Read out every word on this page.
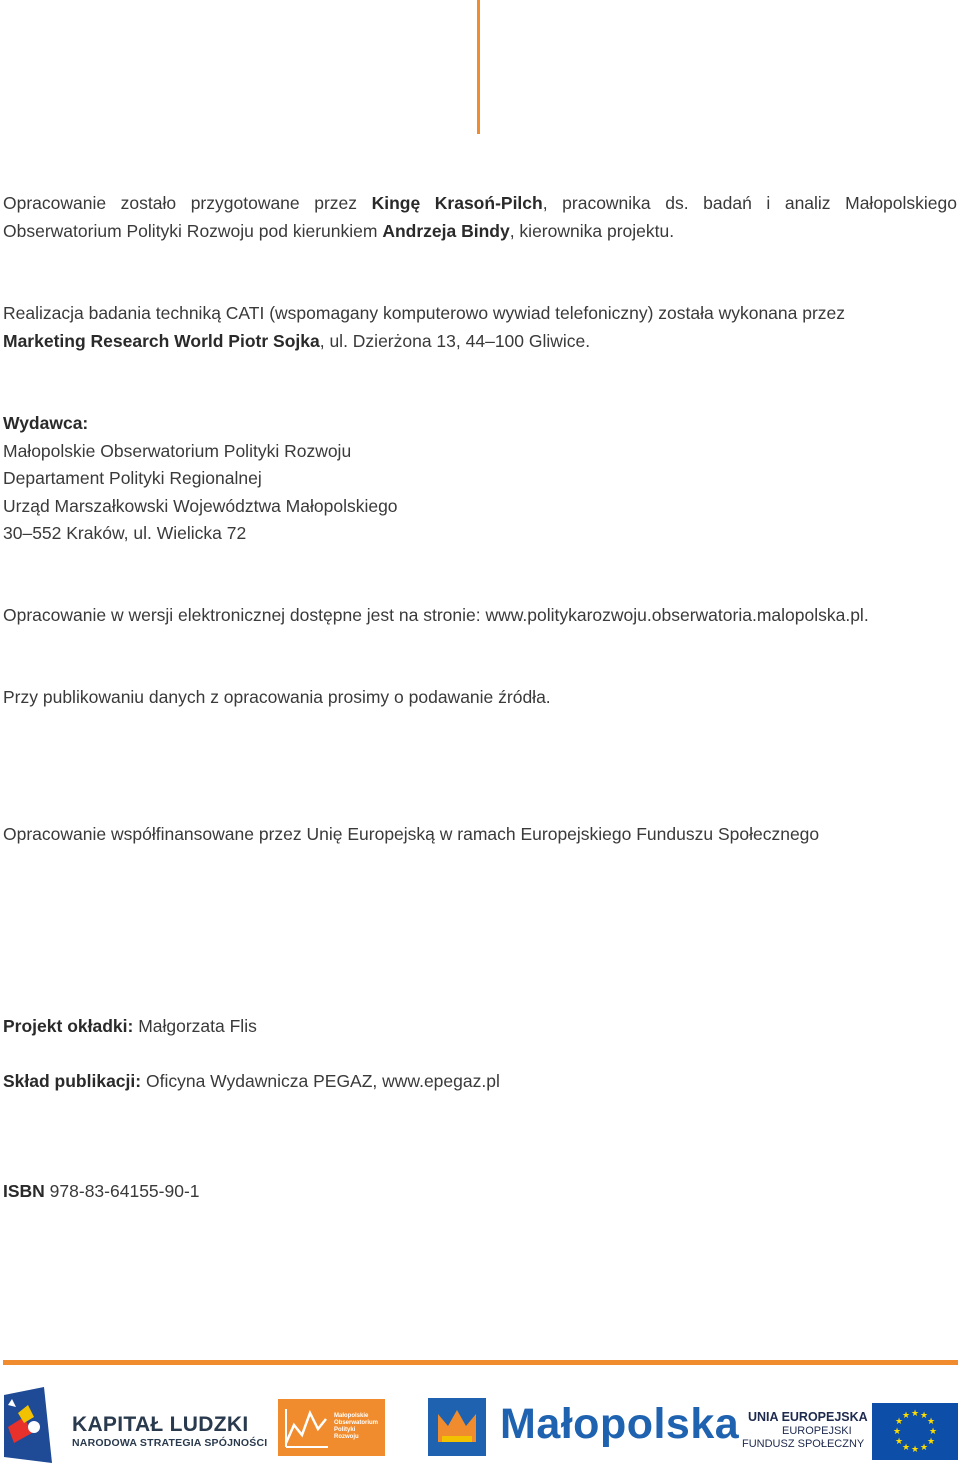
Opracowanie zostało przygotowane przez Kingę Krasoń-Pilch, pracownika ds. badań i analiz Małopolskiego
Obserwatorium Polityki Rozwoju pod kierunkiem Andrzeja Bindy, kierownika projektu.
Realizacja badania techniką CATI (wspomagany komputerowo wywiad telefoniczny) została wykonana przez
Marketing Research World Piotr Sojka, ul. Dzierżona 13, 44–100 Gliwice.
Wydawca:
Małopolskie Obserwatorium Polityki Rozwoju
Departament Polityki Regionalnej
Urząd Marszałkowski Województwa Małopolskiego
30–552 Kraków, ul. Wielicka 72
Opracowanie w wersji elektronicznej dostępne jest na stronie: www.politykarozwoju.obserwatoria.malopolska.pl.
Przy publikowaniu danych z opracowania prosimy o podawanie źródła.
Opracowanie współfinansowane przez Unię Europejską w ramach Europejskiego Funduszu Społecznego
Projekt okładki: Małgorzata Flis
Skład publikacji: Oficyna Wydawnicza PEGAZ, www.epegaz.pl
ISBN 978-83-64155-90-1
KAPITAŁ LUDZKI
NARODOWA STRATEGIA SPÓJNOŚCI
Małopolskie
Obserwatorium
Polityki
Rozwoju	Małopolska UNIA EUROPEJSKA
EUROPEJSKI
FUNDUSZ SPOŁECZNY
★ ★
★
★
★
★
★
★
★
★
★
★
